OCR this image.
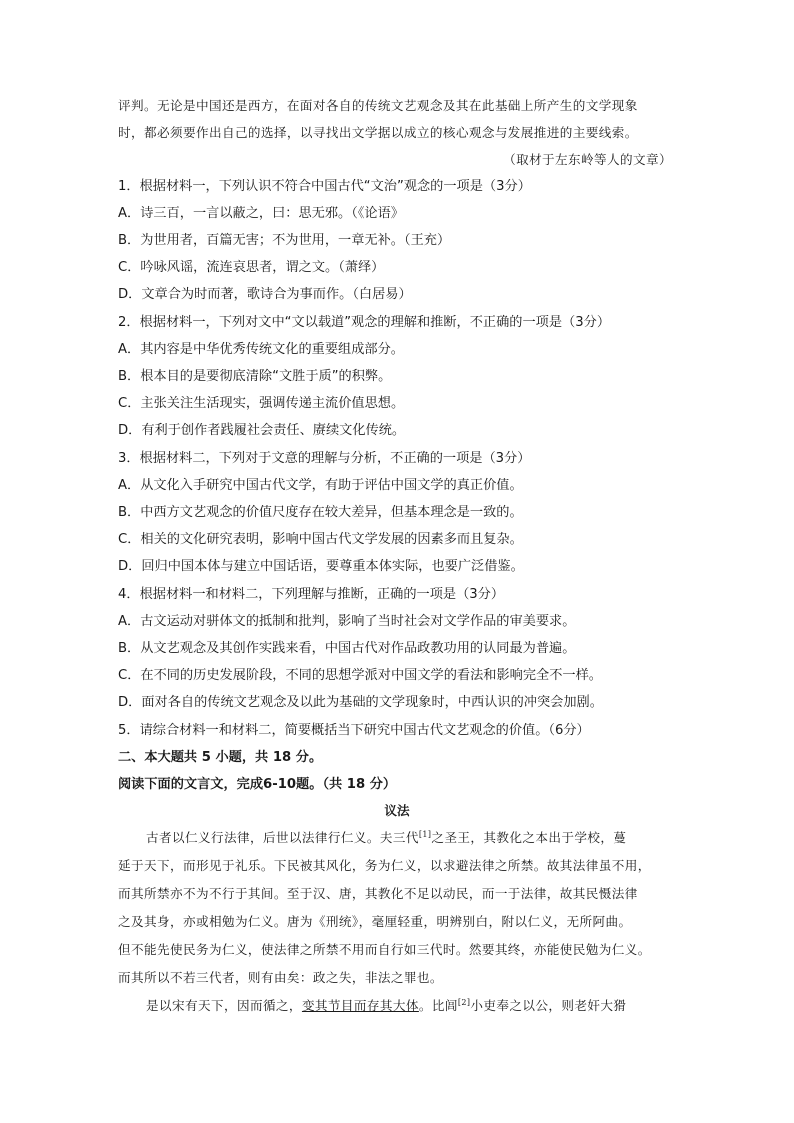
评判。无论是中国还是西方，在面对各自的传统文艺观念及其在此基础上所产生的文学现象
时，都必须要作出自己的选择，以寻找出文学据以成立的核心观念与发展推进的主要线索。
（取材于左东岭等人的文章）
1．根据材料一，下列认识不符合中国古代“文治”观念的一项是（3分）
A．诗三百，一言以蔽之，曰：思无邪。（《论语》
B．为世用者，百篇无害；不为世用，一章无补。（王充）
C．吟咏风谣，流连哀思者，谓之文。（萧绎）
D．文章合为时而著，歌诗合为事而作。（白居易）
2．根据材料一，下列对文中“文以载道”观念的理解和推断，不正确的一项是（3分）
A．其内容是中华优秀传统文化的重要组成部分。
B．根本目的是要彻底清除“文胜于质”的积弊。
C．主张关注生活现实，强调传递主流价值思想。
D．有利于创作者践履社会责任、赓续文化传统。
3．根据材料二，下列对于文意的理解与分析，不正确的一项是（3分）
A．从文化入手研究中国古代文学，有助于评估中国文学的真正价值。
B．中西方文艺观念的价值尺度存在较大差异，但基本理念是一致的。
C．相关的文化研究表明，影响中国古代文学发展的因素多而且复杂。
D．回归中国本体与建立中国话语，要尊重本体实际，也要广泛借鉴。
4．根据材料一和材料二，下列理解与推断，正确的一项是（3分）
A．古文运动对骈体文的抵制和批判，影响了当时社会对文学作品的审美要求。
B．从文艺观念及其创作实践来看，中国古代对作品政教功用的认同最为普遍。
C．在不同的历史发展阶段，不同的思想学派对中国文学的看法和影响完全不一样。
D．面对各自的传统文艺观念及以此为基础的文学现象时，中西认识的冲突会加剧。
5．请综合材料一和材料二，简要概括当下研究中国古代文艺观念的价值。（6分）
二、本大题共 5 小题，共 18 分。
阅读下面的文言文，完成6-10题。（共 18 分）
议法
古者以仁义行法律，后世以法律行仁义。夫三代[1]之圣王，其教化之本出于学校，蔓
延于天下，而形见于礼乐。下民被其风化，务为仁义，以求避法律之所禁。故其法律虽不用，
而其所禁亦不为不行于其间。至于汉、唐，其教化不足以动民，而一于法律，故其民慑法律
之及其身，亦或相勉为仁义。唐为《刑统》，毫厘轻重，明辨别白，附以仁义，无所阿曲。
但不能先使民务为仁义，使法律之所禁不用而自行如三代时。然要其终，亦能使民勉为仁义。
而其所以不若三代者，则有由矣：政之失，非法之罪也。
是以宋有天下，因而循之，变其节目而存其大体。比闾[2]小吏奉之以公，则老奸大猾
